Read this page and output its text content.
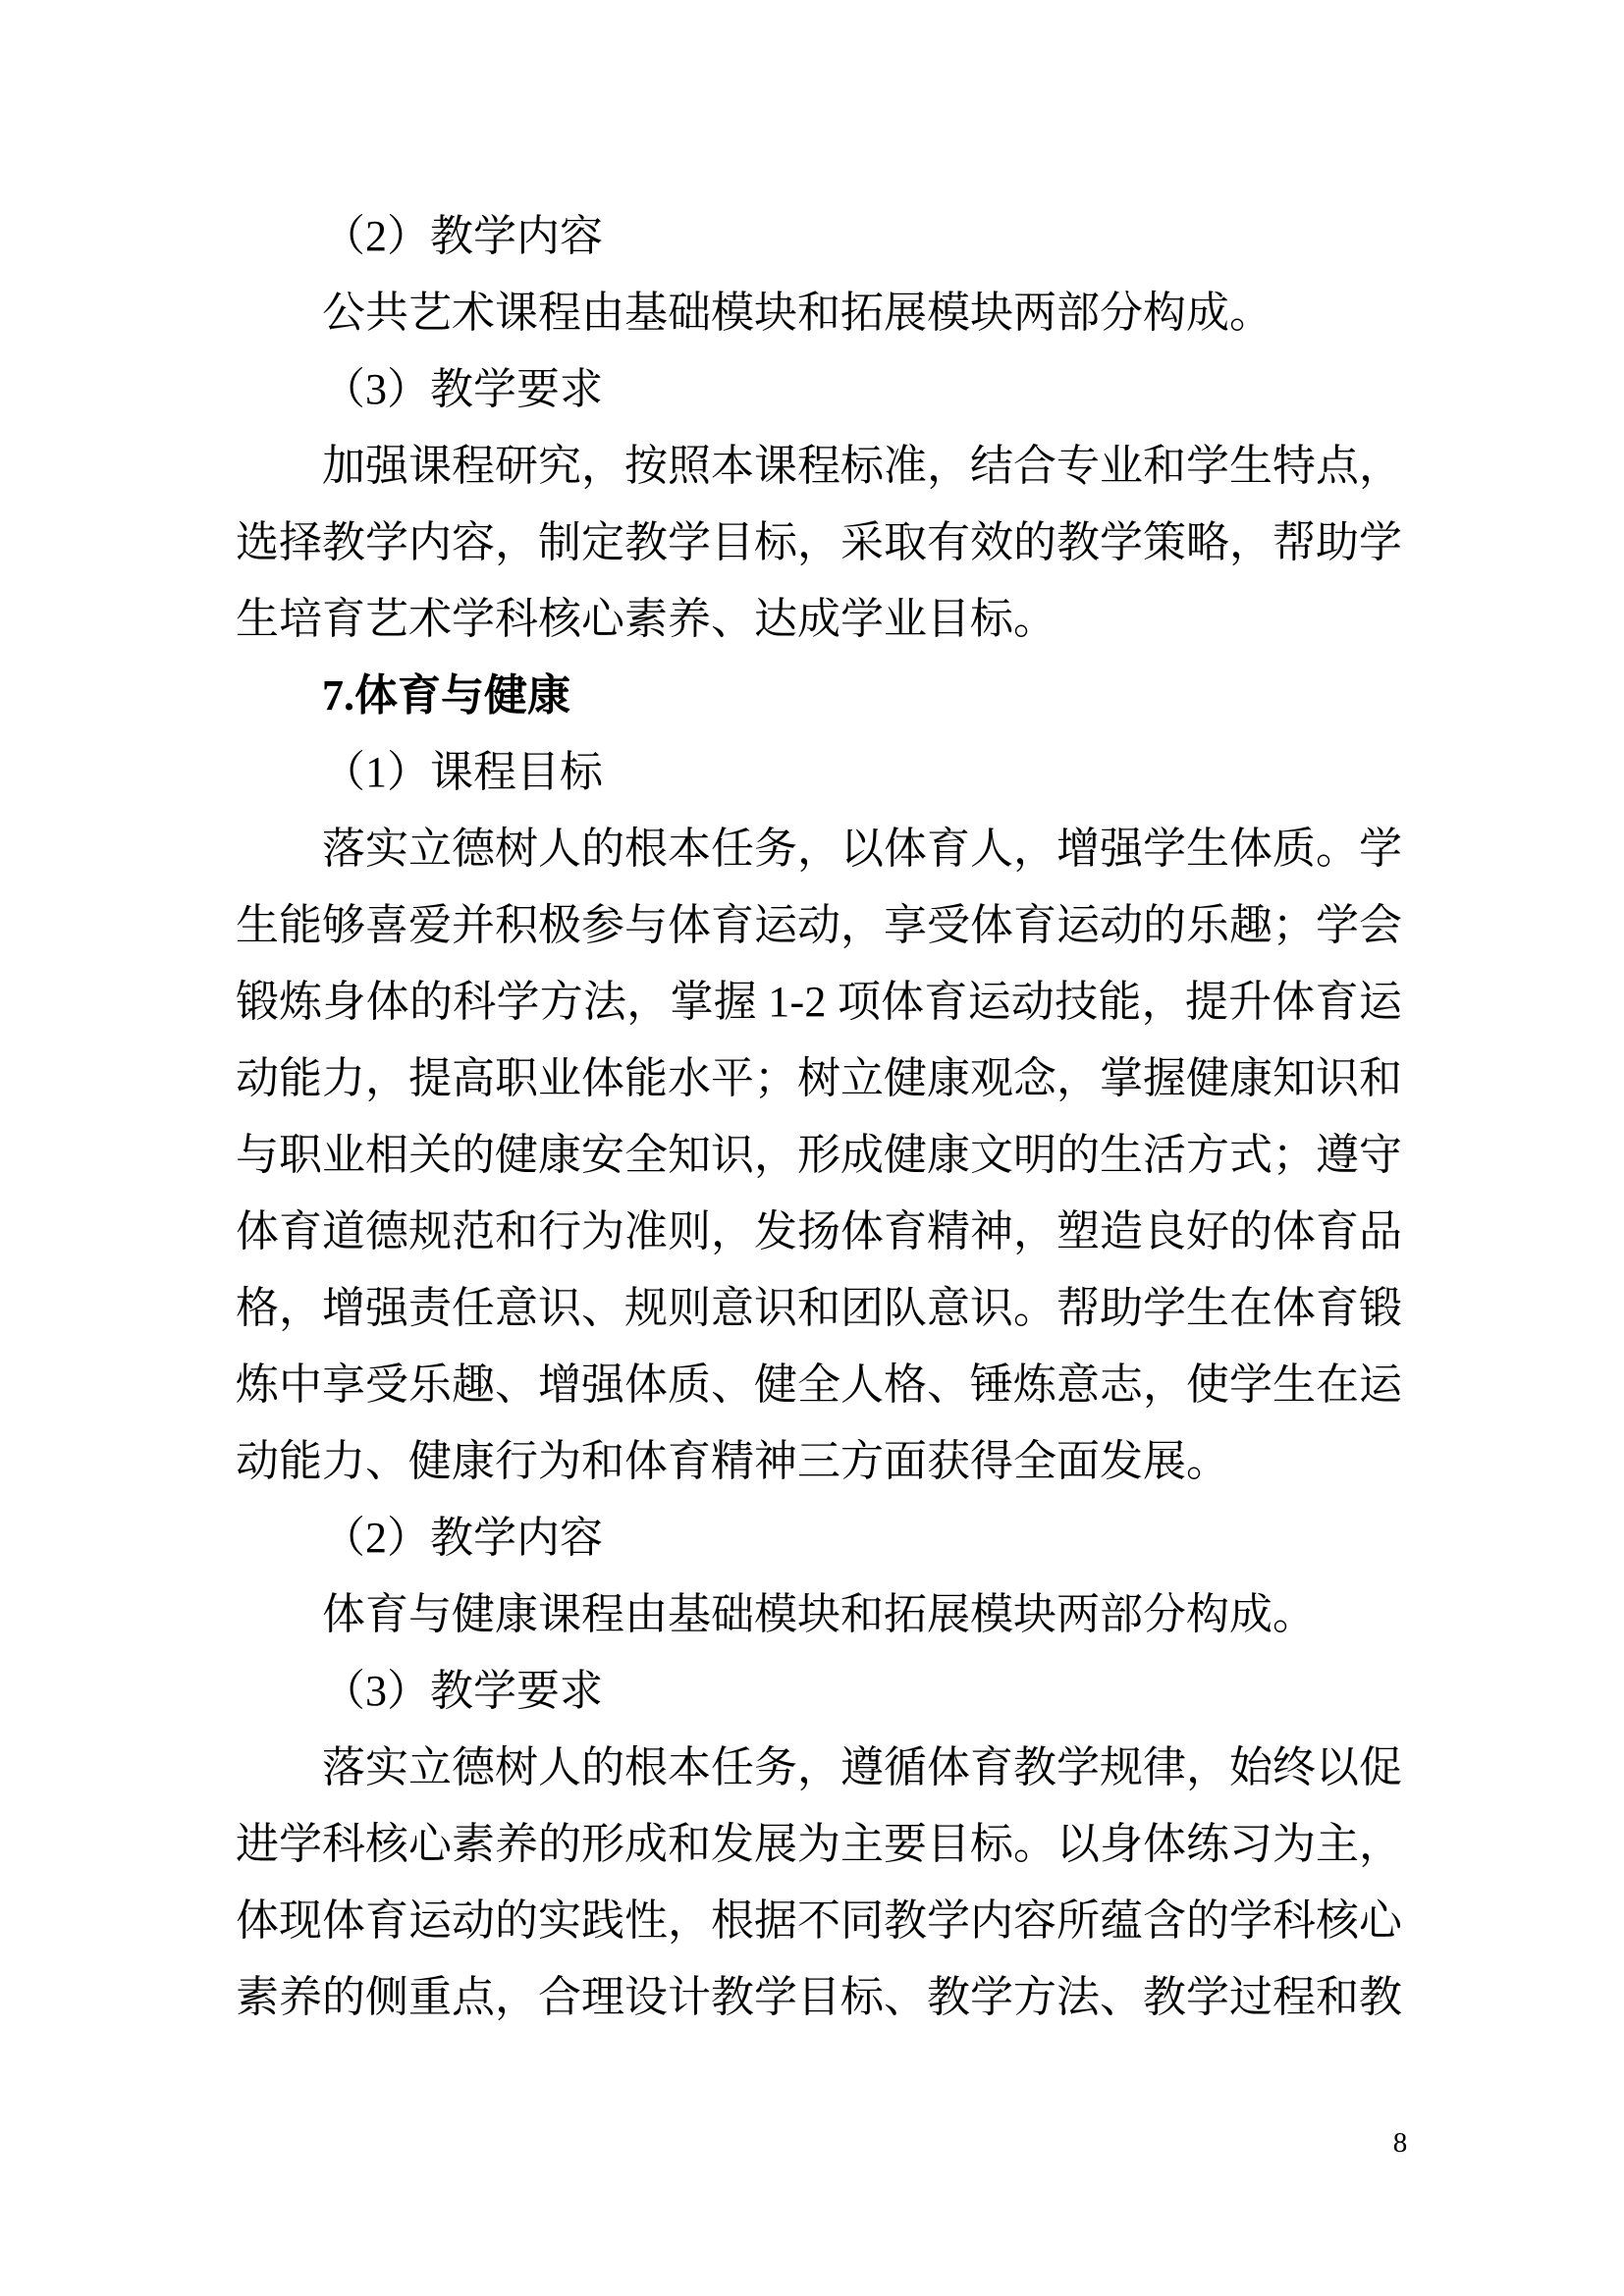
（2）教学内容
公共艺术课程由基础模块和拓展模块两部分构成。
（3）教学要求
加 强 课 程 研 究 ， 按 照 本 课 程 标 准 ， 结 合 专 业 和 学 生 特 点 ，
选 择 教 学 内 容 ， 制 定 教 学 目 标 ， 采 取 有 效 的 教 学 策 略 ， 帮 助 学
生培育艺术学科核心素养、达成学业目标。
7.体育与健康
（1）课程目标
落 实 立 德 树 人 的 根 本 任 务 ， 以 体 育 人 ， 增 强 学 生 体 质 。 学
生 能 够 喜 爱 并 积 极 参 与 体 育 运 动 ， 享 受 体 育 运 动 的 乐 趣 ； 学 会
锻 炼 身 体 的 科 学 方 法 ， 掌 握
1 - 2
项 体 育 运 动 技 能 ， 提 升 体 育 运
动 能 力 ， 提 高 职 业 体 能 水 平 ； 树 立 健 康 观 念 ， 掌 握 健 康 知 识 和
与 职 业 相 关 的 健 康 安 全 知 识 ， 形 成 健 康 文 明 的 生 活 方 式 ； 遵 守
体 育 道 德 规 范 和 行 为 准 则 ， 发 扬 体 育 精 神 ， 塑 造 良 好 的 体 育 品
格 ， 增 强 责 任 意 识 、 规 则 意 识 和 团 队 意 识 。 帮 助 学 生 在 体 育 锻
炼 中 享 受 乐 趣 、 增 强 体 质 、 健 全 人 格 、 锤 炼 意 志 ， 使 学 生 在 运
动能力、健康行为和体育精神三方面获得全面发展。
（2）教学内容
体育与健康课程由基础模块和拓展模块两部分构成。
（3）教学要求
落 实 立 德 树 人 的 根 本 任 务 ， 遵 循 体 育 教 学 规 律 ， 始 终 以 促
进 学 科 核 心 素 养 的 形 成 和 发 展 为 主 要 目 标 。 以 身 体 练 习 为 主 ，
体 现 体 育 运 动 的 实 践 性 ， 根 据 不 同 教 学 内 容 所 蕴 含 的 学 科 核 心
素 养 的 侧 重 点 ， 合 理 设 计 教 学 目 标 、 教 学 方 法 、 教 学 过 程 和 教
8
